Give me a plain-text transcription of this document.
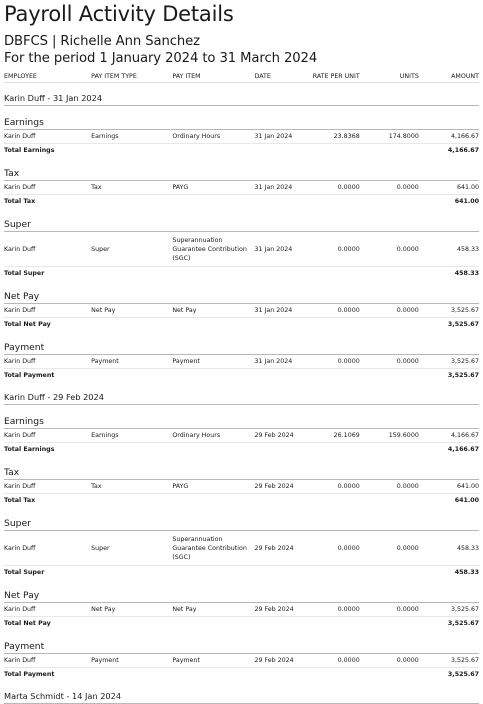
Payroll Activity Details
DBFCS | Richelle Ann Sanchez
For the period 1 January 2024 to 31 March 2024
EMPLOYEE	PAY ITEM TYPE	PAY ITEM	DATE	RATE PER UNIT	UNITS	AMOUNT
Karin Duff - 31 Jan 2024						
Earnings						
Karin Duff	Earnings	Ordinary Hours	31 Jan 2024	23.8368	174.8000	4,166.67
Total Earnings						4,166.67
Tax						
Karin Duff	Tax	PAYG	31 Jan 2024	0.0000	0.0000	641.00
Total Tax						641.00
Super						
Karin Duff	Super	Superannuation Guarantee Contribution (SGC)	31 Jan 2024	0.0000	0.0000	458.33
Total Super						458.33
Net Pay						
Karin Duff	Net Pay	Net Pay	31 Jan 2024	0.0000	0.0000	3,525.67
Total Net Pay						3,525.67
Payment						
Karin Duff	Payment	Payment	31 Jan 2024	0.0000	0.0000	3,525.67
Total Payment						3,525.67
Karin Duff - 29 Feb 2024						
Earnings						
Karin Duff	Earnings	Ordinary Hours	29 Feb 2024	26.1069	159.6000	4,166.67
Total Earnings						4,166.67
Tax						
Karin Duff	Tax	PAYG	29 Feb 2024	0.0000	0.0000	641.00
Total Tax						641.00
Super						
Karin Duff	Super	Superannuation Guarantee Contribution (SGC)	29 Feb 2024	0.0000	0.0000	458.33
Total Super						458.33
Net Pay						
Karin Duff	Net Pay	Net Pay	29 Feb 2024	0.0000	0.0000	3,525.67
Total Net Pay						3,525.67
Payment						
Karin Duff	Payment	Payment	29 Feb 2024	0.0000	0.0000	3,525.67
Total Payment						3,525.67
Marta Schmidt - 14 Jan 2024						
